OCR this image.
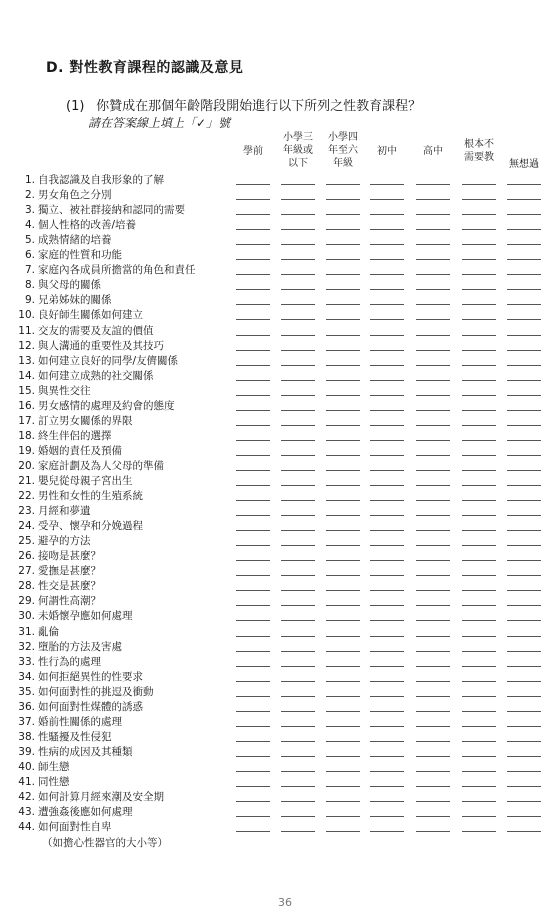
D. 對性教育課程的認識及意見
(1) 你贊成在那個年齡階段開始進行以下所列之性教育課程？
請在答案線上填上「✓」號
學前
小學三
年級或
以下
小學四
年至六
年級
初中	高中
根本不
需要教
無想過
1. 自我認識及自我形象的了解
2. 男女角色之分別
3. 獨立、被社群接納和認同的需要
4. 個人性格的改善/培養
5. 成熟情緒的培養
6. 家庭的性質和功能
7. 家庭內各成員所擔當的角色和責任
8. 與父母的關係
9. 兄弟姊妹的關係
10. 良好師生關係如何建立
11. 交友的需要及友誼的價值
12. 與人溝通的重要性及其技巧
13. 如何建立良好的同學/友儕關係
14. 如何建立成熟的社交關係
15. 與異性交往
16. 男女感情的處理及約會的態度
17. 訂立男女關係的界限
18. 終生伴侶的選擇
19. 婚姻的責任及預備
20. 家庭計劃及為人父母的準備
21. 嬰兒從母親子宮出生
22. 男性和女性的生殖系統
23. 月經和夢遺
24. 受孕、懷孕和分娩過程
25. 避孕的方法
26. 接吻是甚麼？
27. 愛撫是甚麼？
28. 性交是甚麼？
29. 何謂性高潮？
30. 未婚懷孕應如何處理
31. 亂倫
32. 墮胎的方法及害處
33. 性行為的處理
34. 如何拒絕異性的性要求
35. 如何面對性的挑逗及衝動
36. 如何面對性煤體的誘惑
37. 婚前性關係的處理
38. 性騷擾及性侵犯
39. 性病的成因及其種類
40. 師生戀
41. 同性戀
42. 如何計算月經來潮及安全期
43. 遭強姦後應如何處理
44. 如何面對性自卑
（如擔心性器官的大小等）
36
